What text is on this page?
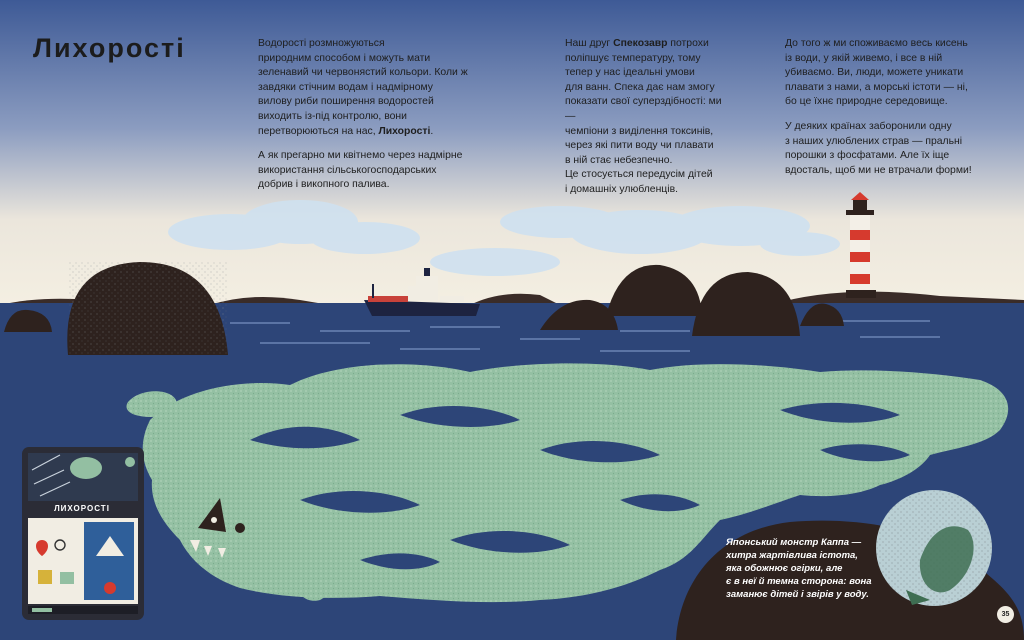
Лихорості	Водорості розмножуються
природним способом і можуть мати
зеленавий чи червонястий кольори. Коли ж
завдяки стічним водам і надмірному
вилову риби поширення водоростей
виходить із-під контролю, вони
перетворюються на нас, Лихорості.

А як прегарно ми квітнемо через надмірне
використання сільськогосподарських
добрив і викопного палива.

Наш друг Спекозавр потрохи
поліпшує температуру, тому
тепер у нас ідеальні умови
для ванн. Спека дає нам змогу
показати свої суперздібності: ми —
чемпіони з виділення токсинів,
через які пити воду чи плавати
в ній стає небезпечно.
Це стосується передусім дітей
і домашніх улюбленців.

До того ж ми споживаємо весь кисень
із води, у якій живемо, і все в ній
убиваємо. Ви, люди, можете уникати
плавати з нами, а морські істоти — ні,
бо це їхнє природне середовище.

У деяких країнах заборонили одну
з наших улюблених страв — пральні
порошки з фосфатами. Але їх іще
вдосталь, щоб ми не втрачали форми!

ЛИХОРОСТІ

Японський монстр Каппа —
хитра жартівлива істота,
яка обожнює огірки, але
є в неї й темна сторона: вона
заманює дітей і звірів у воду.

35
